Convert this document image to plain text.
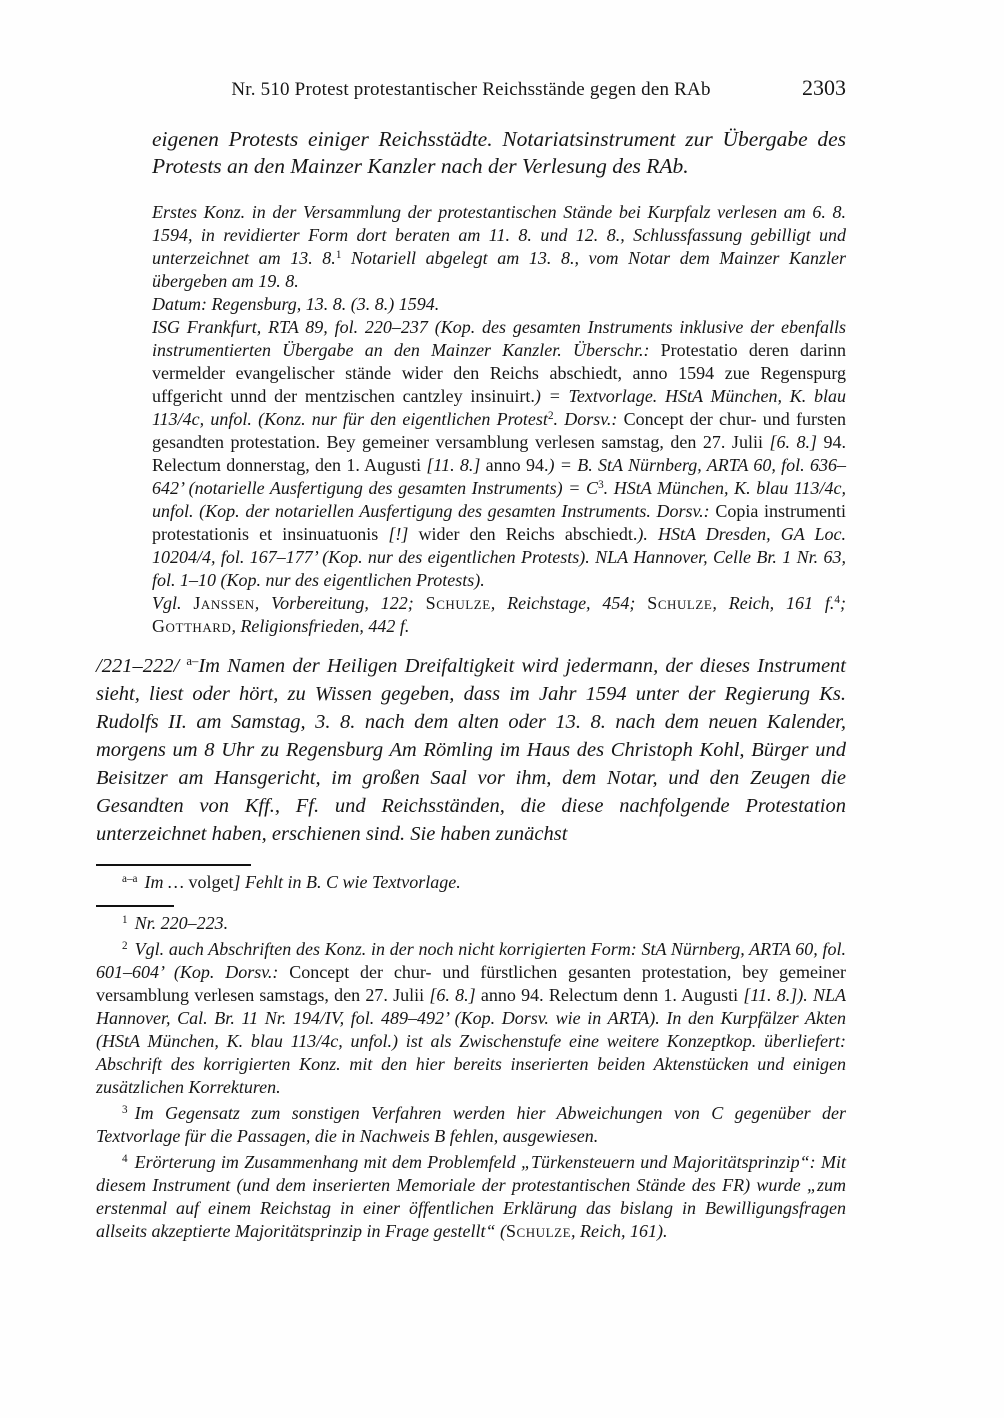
Nr. 510 Protest protestantischer Reichsstände gegen den RAb	2303

eigenen Protests einiger Reichsstädte. Notariatsinstrument zur Übergabe des Protests an den Mainzer Kanzler nach der Verlesung des RAb.

Erstes Konz. in der Versammlung der protestantischen Stände bei Kurpfalz verlesen am 6. 8. 1594, in revidierter Form dort beraten am 11. 8. und 12. 8., Schlussfassung gebilligt und unterzeichnet am 13. 8.$^1$ Notariell abgelegt am 13. 8., vom Notar dem Mainzer Kanzler übergeben am 19. 8.

Datum: Regensburg, 13. 8. (3. 8.) 1594.

ISG Frankfurt, RTA 89, fol. 220–237 (Kop. des gesamten Instruments inklusive der ebenfalls instrumentierten Übergabe an den Mainzer Kanzler. Überschr.: Protestatio deren darinn vermelder evangelischer stände wider den Reichs abschiedt, anno 1594 zue Regenspurg uffgericht unnd der mentzischen cantzley insinuirt.) = Textvorlage. HStA München, K. blau 113/4c, unfol. (Konz. nur für den eigentlichen Protest$^2$. Dorsv.: Concept der chur- und fursten gesandten protestation. Bey gemeiner versamblung verlesen samstag, den 27. Julii [6. 8.] 94. Relectum donnerstag, den 1. Augusti [11. 8.] anno 94.) = B. StA Nürnberg, ARTA 60, fol. 636–642’ (notarielle Ausfertigung des gesamten Instruments) = $C^3$. HStA München, K. blau 113/4c, unfol. (Kop. der notariellen Ausfertigung des gesamten Instruments. Dorsv.: Copia instrumenti protestationis et insinuatuonis [!] wider den Reichs abschiedt.). HStA Dresden, GA Loc. 10204/4, fol. 167–177’ (Kop. nur des eigentlichen Protests). NLA Hannover, Celle Br. 1 Nr. 63, fol. 1–10 (Kop. nur des eigentlichen Protests).

Vgl. Janssen, Vorbereitung, 122; Schulze, Reichstage, 454; Schulze, Reich, 161 f.$^4$; Gotthard, Religionsfrieden, 442 f.

/221–222/ $^{a-}$Im Namen der Heiligen Dreifaltigkeit wird jedermann, der dieses Instrument sieht, liest oder hört, zu Wissen gegeben, dass im Jahr 1594 unter der Regierung Ks. Rudolfs II. am Samstag, 3. 8. nach dem alten oder 13. 8. nach dem neuen Kalender, morgens um 8 Uhr zu Regensburg Am Römling im Haus des Christoph Kohl, Bürger und Beisitzer am Hansgericht, im großen Saal vor ihm, dem Notar, und den Zeugen die Gesandten von Kff., Ff. und Reichsständen, die diese nachfolgende Protestation unterzeichnet haben, erschienen sind. Sie haben zunächst

$^{a-a}$ Im … volget] Fehlt in B. C wie Textvorlage.

$^1$ Nr. 220–223.

$^2$ Vgl. auch Abschriften des Konz. in der noch nicht korrigierten Form: StA Nürnberg, ARTA 60, fol. 601–604’ (Kop. Dorsv.: Concept der chur- und fürstlichen gesanten protestation, bey gemeiner versamblung verlesen samstags, den 27. Julii [6. 8.] anno 94. Relectum denn 1. Augusti [11. 8.]). NLA Hannover, Cal. Br. 11 Nr. 194/IV, fol. 489–492’ (Kop. Dorsv. wie in ARTA). In den Kurpfälzer Akten (HStA München, K. blau 113/4c, unfol.) ist als Zwischenstufe eine weitere Konzeptkop. überliefert: Abschrift des korrigierten Konz. mit den hier bereits inserierten beiden Aktenstücken und einigen zusätzlichen Korrekturen.

$^3$ Im Gegensatz zum sonstigen Verfahren werden hier Abweichungen von C gegenüber der Textvorlage für die Passagen, die in Nachweis B fehlen, ausgewiesen.

$^4$ Erörterung im Zusammenhang mit dem Problemfeld „Türkensteuern und Majoritätsprinzip“: Mit diesem Instrument (und dem inserierten Memoriale der protestantischen Stände des FR) wurde „zum erstenmal auf einem Reichstag in einer öffentlichen Erklärung das bislang in Bewilligungsfragen allseits akzeptierte Majoritätsprinzip in Frage gestellt“ (Schulze, Reich, 161).
